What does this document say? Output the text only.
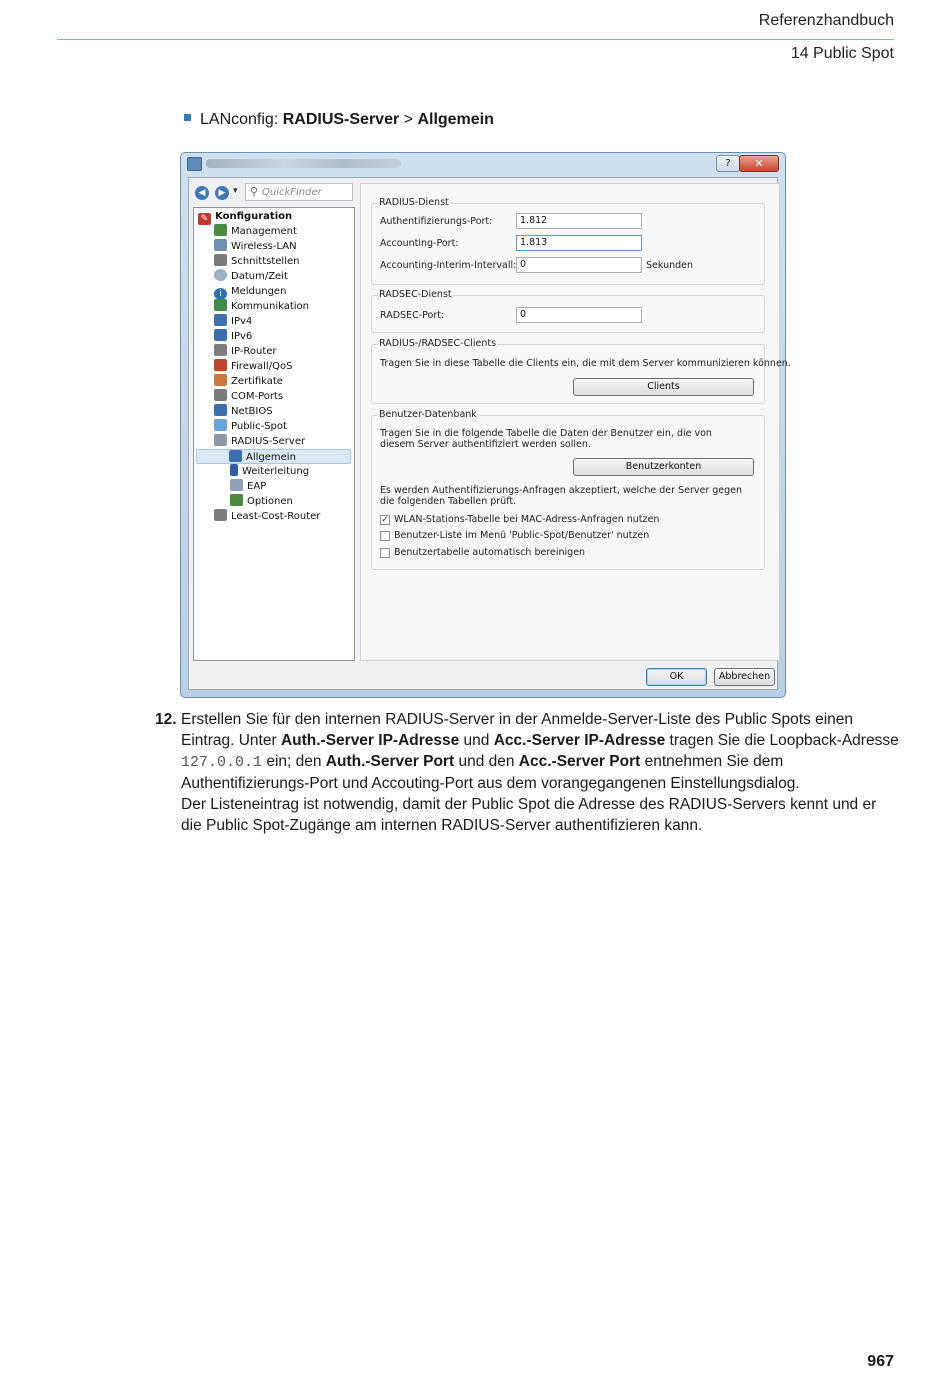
Referenzhandbuch
14 Public Spot
LANconfig: RADIUS-Server > Allgemein
?	✕
◀	▶ ▾ ⚲ QuickFinder
✎ Konfiguration
Management
Wireless-LAN
Schnittstellen
Datum/Zeit
i Meldungen
Kommunikation
IPv4
IPv6
IP-Router
Firewall/QoS
Zertifikate
COM-Ports
NetBIOS
Public-Spot
RADIUS-Server
Allgemein
Weiterleitung
EAP
Optionen
Least-Cost-Router
RADIUS-Dienst
Authentifizierungs-Port:	1.812
Accounting-Port:	1.813
Accounting-Interim-Intervall: 0	Sekunden
RADSEC-Dienst
RADSEC-Port:	0
RADIUS-/RADSEC-Clients
Tragen Sie in diese Tabelle die Clients ein, die mit dem Server kommunizieren können.
Clients
Benutzer-Datenbank
Tragen Sie in die folgende Tabelle die Daten der Benutzer ein, die von diesem Server authentifiziert werden sollen.
Benutzerkonten
Es werden Authentifizierungs-Anfragen akzeptiert, welche der Server gegen die folgenden Tabellen prüft.
✓ WLAN-Stations-Tabelle bei MAC-Adress-Anfragen nutzen
Benutzer-Liste im Menü 'Public-Spot/Benutzer' nutzen
Benutzertabelle automatisch bereinigen
OK	Abbrechen
12. Erstellen Sie für den internen RADIUS-Server in der Anmelde-Server-Liste des Public Spots einen Eintrag. Unter Auth.-Server IP-Adresse und Acc.-Server IP-Adresse tragen Sie die Loopback-Adresse 127.0.0.1 ein; den Auth.-Server Port und den Acc.-Server Port entnehmen Sie dem Authentifizierungs-Port und Accouting-Port aus dem vorangegangenen Einstellungsdialog.
Der Listeneintrag ist notwendig, damit der Public Spot die Adresse des RADIUS-Servers kennt und er die Public Spot-Zugänge am internen RADIUS-Server authentifizieren kann.
967
